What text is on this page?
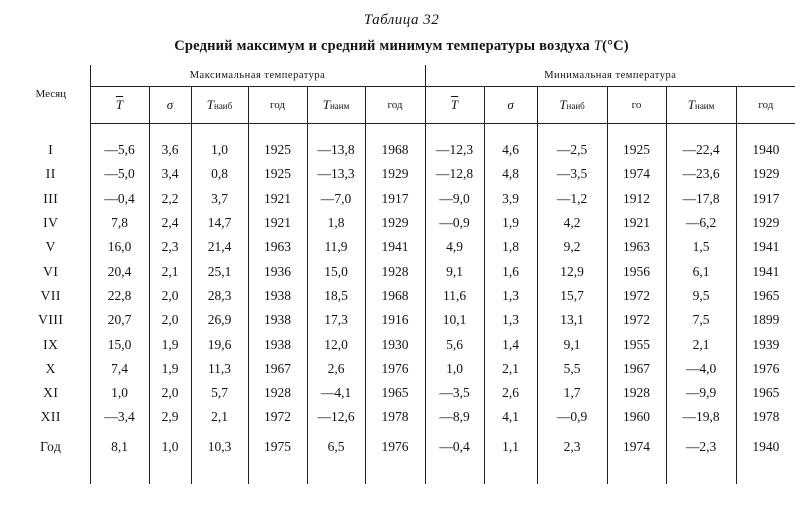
Таблица 32
Средний максимум и средний минимум температуры воздуха T(°C)
Месяц	Максимальная температура						Минимальная температура					
	$\overline{T}$	σ	Tнаиб	год	Tнаим	год	$\overline{T}$	σ	Tнаиб	го	Tнаим	год

I	—5,6	3,6	1,0	1925	—13,8	1968	—12,3	4,6	—2,5	1925	—22,4	1940
II	—5,0	3,4	0,8	1925	—13,3	1929	—12,8	4,8	—3,5	1974	—23,6	1929
III	—0,4	2,2	3,7	1921	—7,0	1917	—9,0	3,9	—1,2	1912	—17,8	1917
IV	7,8	2,4	14,7	1921	1,8	1929	—0,9	1,9	4,2	1921	—6,2	1929
V	16,0	2,3	21,4	1963	11,9	1941	4,9	1,8	9,2	1963	1,5	1941
VI	20,4	2,1	25,1	1936	15,0	1928	9,1	1,6	12,9	1956	6,1	1941
VII	22,8	2,0	28,3	1938	18,5	1968	11,6	1,3	15,7	1972	9,5	1965
VIII	20,7	2,0	26,9	1938	17,3	1916	10,1	1,3	13,1	1972	7,5	1899
IX	15,0	1,9	19,6	1938	12,0	1930	5,6	1,4	9,1	1955	2,1	1939
X	7,4	1,9	11,3	1967	2,6	1976	1,0	2,1	5,5	1967	—4,0	1976
XI	1,0	2,0	5,7	1928	—4,1	1965	—3,5	2,6	1,7	1928	—9,9	1965
XII	—3,4	2,9	2,1	1972	—12,6	1978	—8,9	4,1	—0,9	1960	—19,8	1978
Год	8,1	1,0	10,3	1975	6,5	1976	—0,4	1,1	2,3	1974	—2,3	1940
